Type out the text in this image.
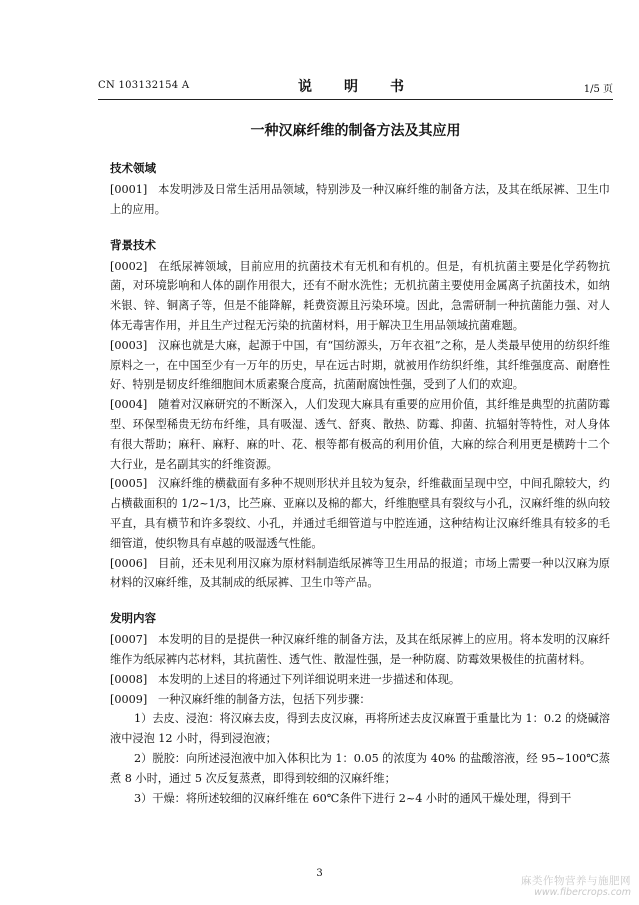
CN 103132154 A	说　明　书	1/5 页
一种汉麻纤维的制备方法及其应用
技术领域

[0001] 本发明涉及日常生活用品领域，特别涉及一种汉麻纤维的制备方法，及其在纸尿裤、卫生巾上的应用。

背景技术

[0002] 在纸尿裤领域，目前应用的抗菌技术有无机和有机的。但是，有机抗菌主要是化学药物抗菌，对环境影响和人体的副作用很大，还有不耐水洗性；无机抗菌主要使用金属离子抗菌技术，如纳米银、锌、铜离子等，但是不能降解，耗费资源且污染环境。因此，急需研制一种抗菌能力强、对人体无毒害作用，并且生产过程无污染的抗菌材料，用于解决卫生用品领域抗菌难题。

[0003] 汉麻也就是大麻，起源于中国，有“国纺源头，万年衣祖”之称，是人类最早使用的纺织纤维原料之一，在中国至少有一万年的历史，早在远古时期，就被用作纺织纤维，其纤维强度高、耐磨性好、特别是韧皮纤维细胞间木质素聚合度高，抗菌耐腐蚀性强，受到了人们的欢迎。

[0004] 随着对汉麻研究的不断深入，人们发现大麻具有重要的应用价值，其纤维是典型的抗菌防霉型、环保型稀贵无纺布纤维，具有吸湿、透气、舒爽、散热、防霉、抑菌、抗辐射等特性，对人身体有很大帮助；麻秆、麻籽、麻的叶、花、根等都有极高的利用价值，大麻的综合利用更是横跨十二个大行业，是名副其实的纤维资源。

[0005] 汉麻纤维的横截面有多种不规则形状并且较为复杂，纤维截面呈现中空，中间孔隙较大，约占横截面积的 1/2~1/3，比苎麻、亚麻以及棉的都大，纤维胞壁具有裂纹与小孔，汉麻纤维的纵向较平直，具有横节和许多裂纹、小孔，并通过毛细管道与中腔连通，这种结构让汉麻纤维具有较多的毛细管道，使织物具有卓越的吸湿透气性能。

[0006] 目前，还未见利用汉麻为原材料制造纸尿裤等卫生用品的报道；市场上需要一种以汉麻为原材料的汉麻纤维，及其制成的纸尿裤、卫生巾等产品。

发明内容

[0007] 本发明的目的是提供一种汉麻纤维的制备方法，及其在纸尿裤上的应用。将本发明的汉麻纤维作为纸尿裤内芯材料，其抗菌性、透气性、散湿性强，是一种防腐、防霉效果极佳的抗菌材料。

[0008] 本发明的上述目的将通过下列详细说明来进一步描述和体现。

[0009] 一种汉麻纤维的制备方法，包括下列步骤：

1）去皮、浸泡：将汉麻去皮，得到去皮汉麻，再将所述去皮汉麻置于重量比为 1：0.2 的烧碱溶液中浸泡 12 小时，得到浸泡液；

2）脱胶：向所述浸泡液中加入体积比为 1：0.05 的浓度为 40% 的盐酸溶液，经 95~100℃蒸煮 8 小时，通过 5 次反复蒸煮，即得到较细的汉麻纤维；

3）干燥：将所述较细的汉麻纤维在 60℃条件下进行 2~4 小时的通风干燥处理，得到干

3
麻类作物营养与施肥网
www.fibercrops.com
